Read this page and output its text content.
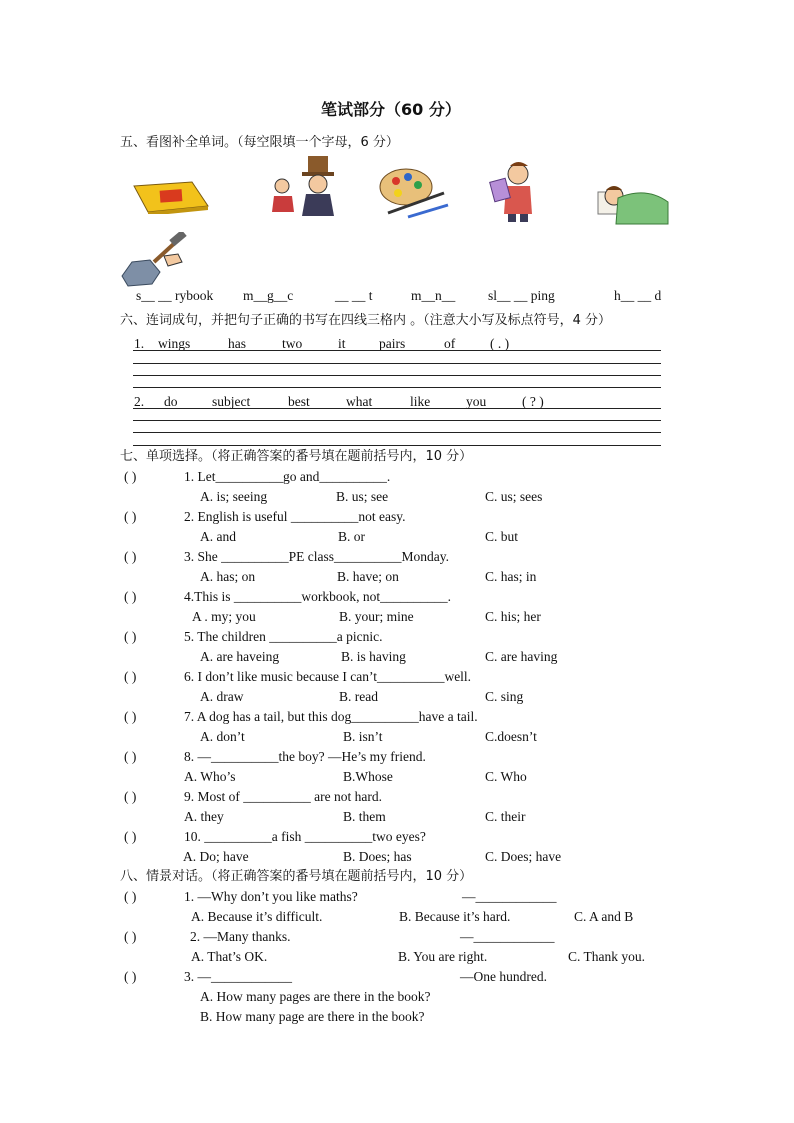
笔试部分（60 分）
五、看图补全单词。（每空限填一个字母，6 分）
s__ __ rybook m__g__c	__ __ t	m__n__ sl__ __ ping	h__ __ d
六、连词成句，并把句子正确的书写在四线三格内 。（注意大小写及标点符号，4 分）
1. wings	has	two	it pairs	of	( . )
2. do	subject	best	what	like	you	( ? )
七、单项选择。（将正确答案的番号填在题前括号内，10 分）
( )	1. Let__________go and__________.
A. is; seeing	B. us; see	C. us; sees
( )	2. English is useful __________not easy.
A. and	B. or	C. but
( )	3. She __________PE class__________Monday.
A. has; on	B. have; on	C. has; in
( )	4.This is __________workbook, not__________.
A . my; you	B. your; mine	C. his; her
( )	5. The children __________a picnic.
A. are haveing	B. is having	C. are having
( )	6. I don’t like music because I can’t__________well.
A. draw	B. read	C. sing
( )	7. A dog has a tail, but this dog__________have a tail.
A. don’t	B. isn’t	C.doesn’t
( )	8. —__________the boy? —He’s my friend.
A. Who’s	B.Whose	C. Who
( )	9. Most of __________ are not hard.
A. they	B. them	C. their
( )	10. __________a fish __________two eyes?
A. Do; have	B. Does; has	C. Does; have
八、情景对话。（将正确答案的番号填在题前括号内，10 分）
( )	1. —Why don’t you like maths?	—____________
A. Because it’s difficult.	B. Because it’s hard.	C. A and B
( )	2. —Many thanks.	—____________
A. That’s OK.	B. You are right.	C. Thank you.
( )	3. —____________	—One hundred.
A. How many pages are there in the book?
B. How many page are there in the book?
